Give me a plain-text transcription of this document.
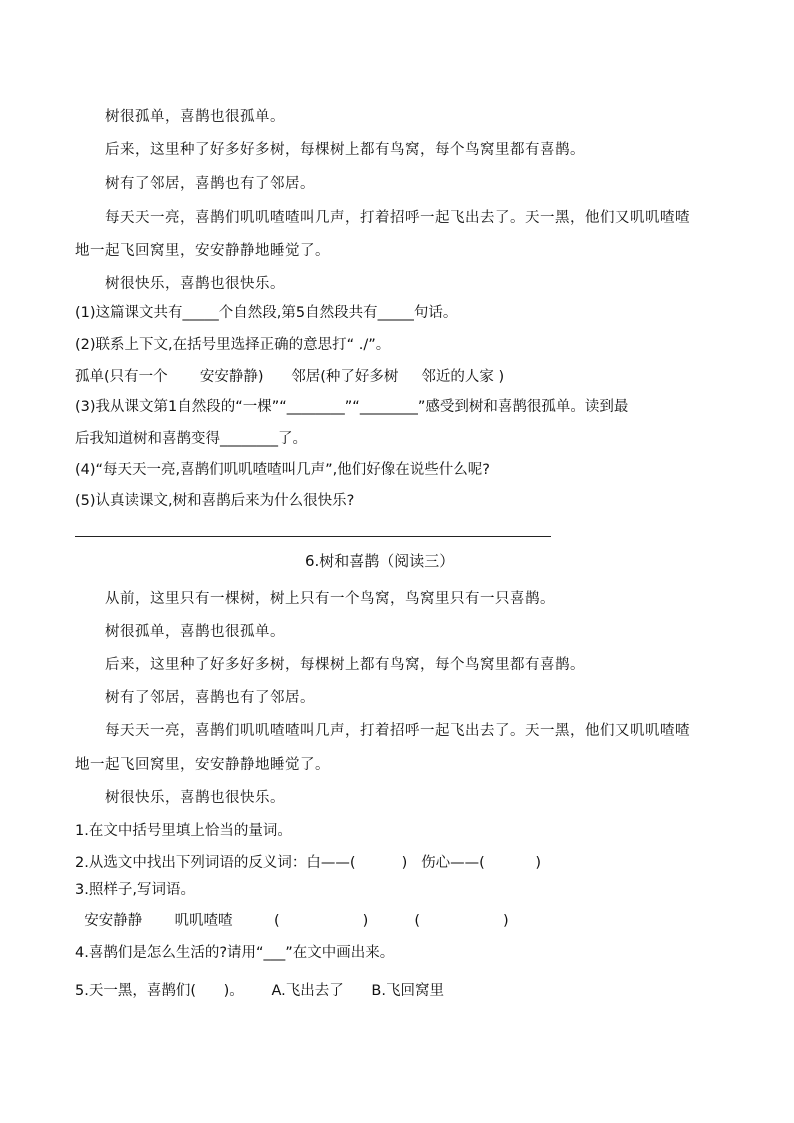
树很孤单，喜鹊也很孤单。
后来，这里种了好多好多树，每棵树上都有鸟窝，每个鸟窝里都有喜鹊。
树有了邻居，喜鹊也有了邻居。
每天天一亮，喜鹊们叽叽喳喳叫几声，打着招呼一起飞出去了。天一黑，他们又叽叽喳喳
地一起飞回窝里，安安静静地睡觉了。
树很快乐，喜鹊也很快乐。
(1)这篇课文共有_____个自然段,第5自然段共有_____句话。
(2)联系上下文,在括号里选择正确的意思打“ ./”。
孤单(只有一个       安安静静)      邻居(种了好多树     邻近的人家 )
(3)我从课文第1自然段的“一棵”“________”“________”感受到树和喜鹊很孤单。读到最
后我知道树和喜鹊变得________了。
(4)“每天天一亮,喜鹊们叽叽喳喳叫几声”,他们好像在说些什么呢?
(5)认真读课文,树和喜鹊后来为什么很快乐?
6.树和喜鹊（阅读三）
从前，这里只有一棵树，树上只有一个鸟窝，鸟窝里只有一只喜鹊。
树很孤单，喜鹊也很孤单。
后来，这里种了好多好多树，每棵树上都有鸟窝，每个鸟窝里都有喜鹊。
树有了邻居，喜鹊也有了邻居。
每天天一亮，喜鹊们叽叽喳喳叫几声，打着招呼一起飞出去了。天一黑，他们又叽叽喳喳
地一起飞回窝里，安安静静地睡觉了。
树很快乐，喜鹊也很快乐。
1.在文中括号里填上恰当的量词。
2.从选文中找出下列词语的反义词：白——(          )   伤心——(           )
3.照样子,写词语。
安安静静       叽叽喳喳         (                  )          (                  )
4.喜鹊们是怎么生活的?请用“___”在文中画出来。
5.天一黑，喜鹊们(      )。      A.飞出去了      B.飞回窝里
